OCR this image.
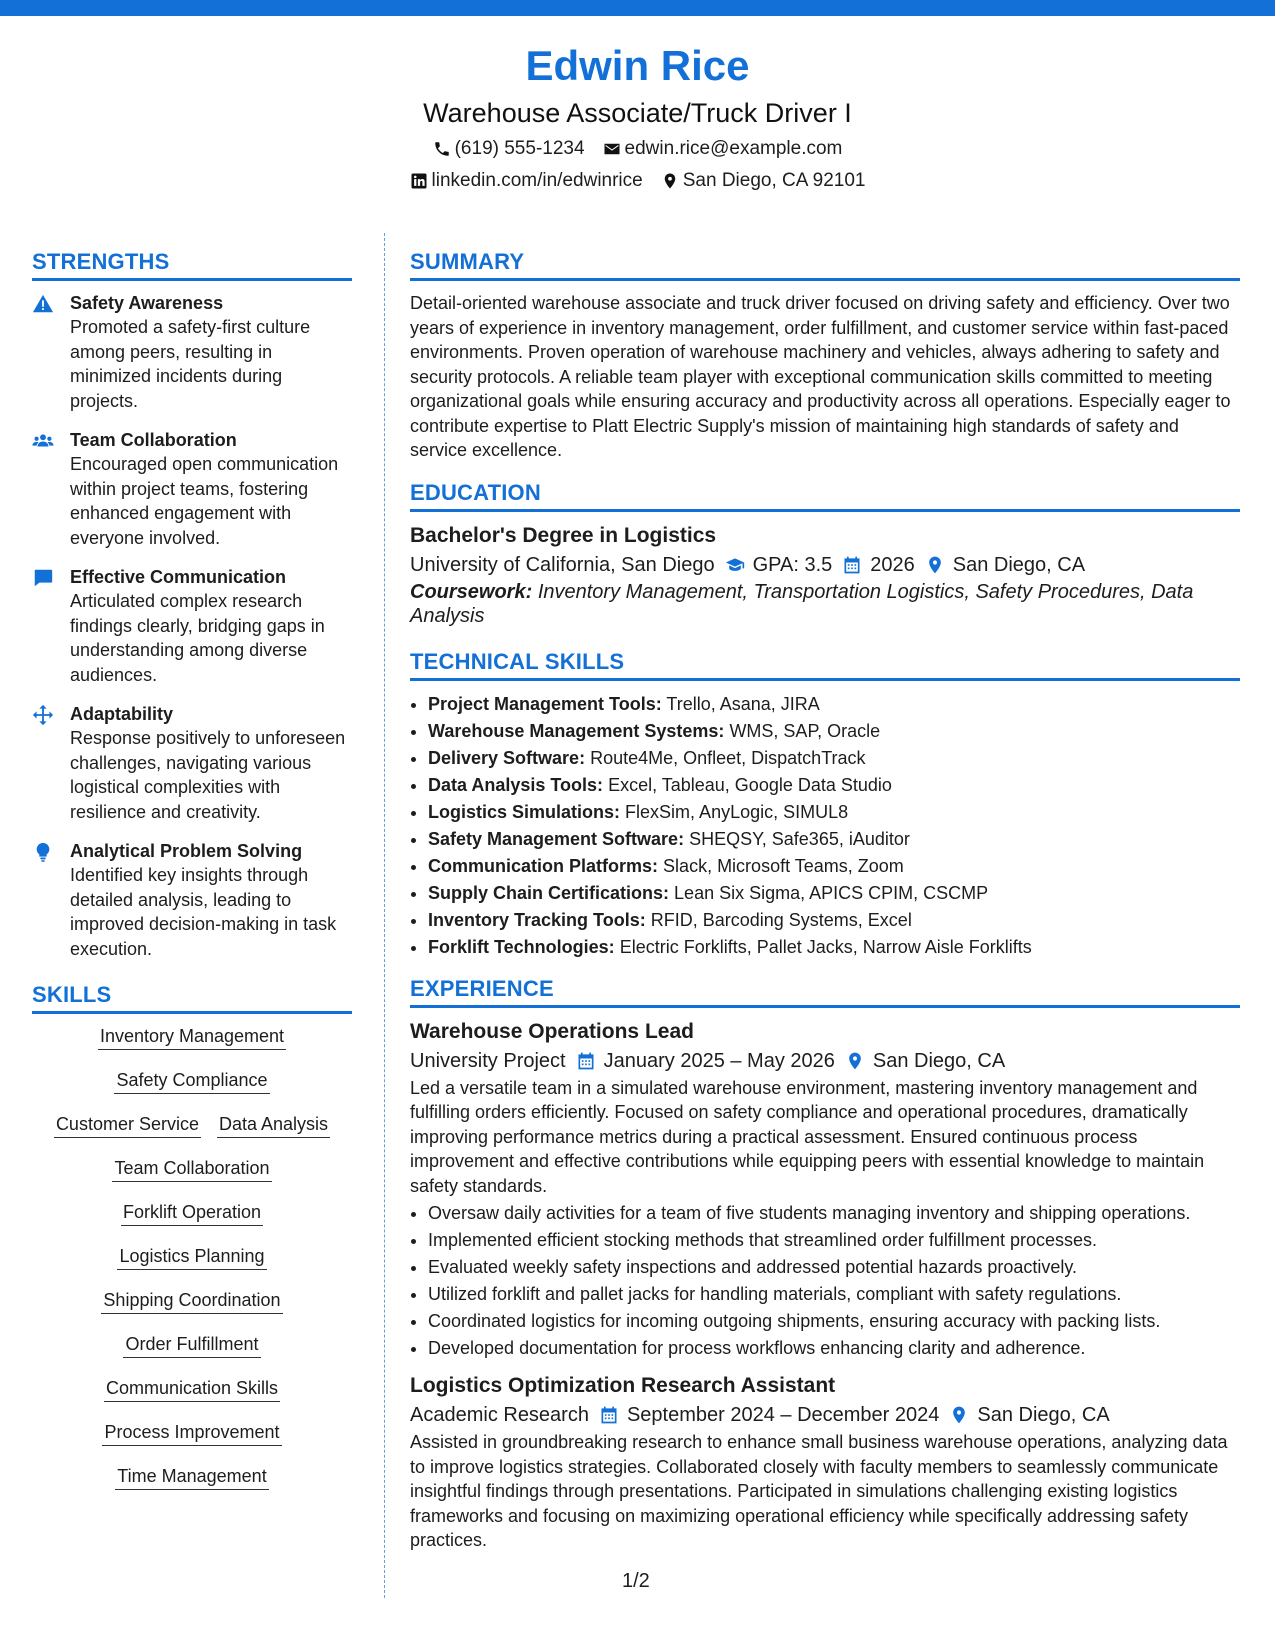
Edwin Rice
Warehouse Associate/Truck Driver I
(619) 555-1234 edwin.rice@example.com
linkedin.com/in/edwinrice San Diego, CA 92101
STRENGTHS
Safety Awareness
Promoted a safety-first culture among peers, resulting in minimized incidents during projects.
Team Collaboration
Encouraged open communication within project teams, fostering enhanced engagement with everyone involved.
Effective Communication
Articulated complex research findings clearly, bridging gaps in understanding among diverse audiences.
Adaptability
Response positively to unforeseen challenges, navigating various logistical complexities with resilience and creativity.
Analytical Problem Solving
Identified key insights through detailed analysis, leading to improved decision-making in task execution.
SKILLS
Inventory Management
Safety Compliance
Customer Service Data Analysis
Team Collaboration
Forklift Operation
Logistics Planning
Shipping Coordination
Order Fulfillment
Communication Skills
Process Improvement
Time Management
SUMMARY

Detail-oriented warehouse associate and truck driver focused on driving safety and efficiency. Over two years of experience in inventory management, order fulfillment, and customer service within fast-paced environments. Proven operation of warehouse machinery and vehicles, always adhering to safety and security protocols. A reliable team player with exceptional communication skills committed to meeting organizational goals while ensuring accuracy and productivity across all operations. Especially eager to contribute expertise to Platt Electric Supply's mission of maintaining high standards of safety and service excellence.

EDUCATION
Bachelor's Degree in Logistics
University of California, San Diego GPA: 3.5 2026 San Diego, CA
Coursework: Inventory Management, Transportation Logistics, Safety Procedures, Data Analysis
TECHNICAL SKILLS
• Project Management Tools: Trello, Asana, JIRA
• Warehouse Management Systems: WMS, SAP, Oracle
• Delivery Software: Route4Me, Onfleet, DispatchTrack
• Data Analysis Tools: Excel, Tableau, Google Data Studio
• Logistics Simulations: FlexSim, AnyLogic, SIMUL8
• Safety Management Software: SHEQSY, Safe365, iAuditor
• Communication Platforms: Slack, Microsoft Teams, Zoom
• Supply Chain Certifications: Lean Six Sigma, APICS CPIM, CSCMP
• Inventory Tracking Tools: RFID, Barcoding Systems, Excel
• Forklift Technologies: Electric Forklifts, Pallet Jacks, Narrow Aisle Forklifts
EXPERIENCE
Warehouse Operations Lead
University Project January 2025 – May 2026 San Diego, CA

Led a versatile team in a simulated warehouse environment, mastering inventory management and fulfilling orders efficiently. Focused on safety compliance and operational procedures, dramatically improving performance metrics during a practical assessment. Ensured continuous process improvement and effective contributions while equipping peers with essential knowledge to maintain safety standards.

• Oversaw daily activities for a team of five students managing inventory and shipping operations.
• Implemented efficient stocking methods that streamlined order fulfillment processes.
• Evaluated weekly safety inspections and addressed potential hazards proactively.
• Utilized forklift and pallet jacks for handling materials, compliant with safety regulations.
• Coordinated logistics for incoming outgoing shipments, ensuring accuracy with packing lists.
• Developed documentation for process workflows enhancing clarity and adherence.
Logistics Optimization Research Assistant
Academic Research September 2024 – December 2024 San Diego, CA

Assisted in groundbreaking research to enhance small business warehouse operations, analyzing data to improve logistics strategies. Collaborated closely with faculty members to seamlessly communicate insightful findings through presentations. Participated in simulations challenging existing logistics frameworks and focusing on maximizing operational efficiency while specifically addressing safety practices.

1/2
